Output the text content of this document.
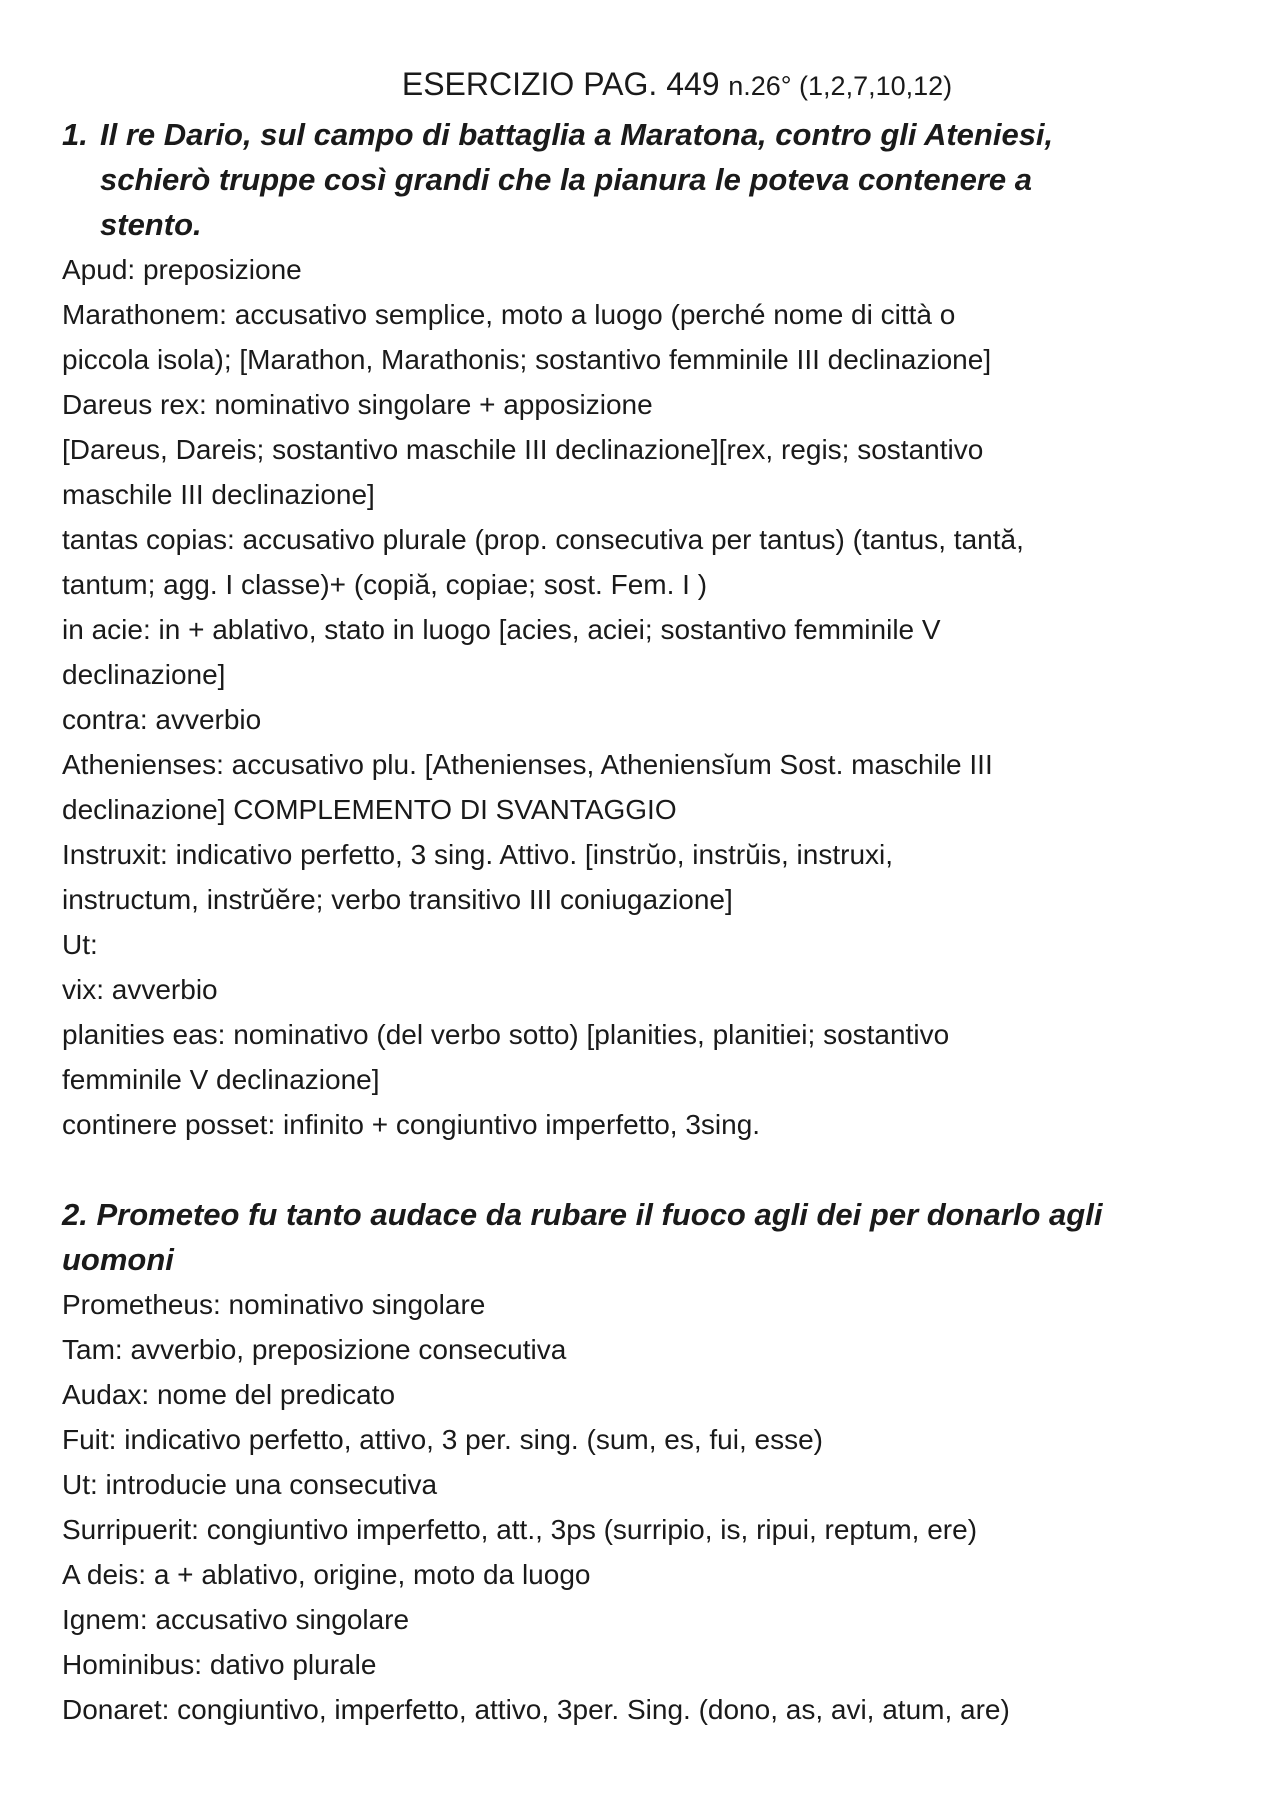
ESERCIZIO PAG. 449 n.26° (1,2,7,10,12)

1. Il re Dario, sul campo di battaglia a Maratona, contro gli Ateniesi,
schierò truppe così grandi che la pianura le poteva contenere a
stento.

Apud: preposizione

Marathonem: accusativo semplice, moto a luogo (perché nome di città o

piccola isola); [Marathon, Marathonis; sostantivo femminile III declinazione]

Dareus rex: nominativo singolare + apposizione

[Dareus, Dareis; sostantivo maschile III declinazione][rex, regis; sostantivo

maschile III declinazione]

tantas copias: accusativo plurale (prop. consecutiva per tantus) (tantus, tantă,

tantum; agg. I classe)+ (copiă, copiae; sost. Fem. I )

in acie: in + ablativo, stato in luogo [acies, aciei; sostantivo femminile V

declinazione]

contra: avverbio

Athenienses: accusativo plu. [Athenienses, Atheniensĭum Sost. maschile III

declinazione] COMPLEMENTO DI SVANTAGGIO

Instruxit: indicativo perfetto, 3 sing. Attivo. [instrŭo, instrŭis, instruxi,

instructum, instrŭĕre; verbo transitivo III coniugazione]

Ut:

vix: avverbio

planities eas: nominativo (del verbo sotto) [planities, planitiei; sostantivo

femminile V declinazione]

continere posset: infinito + congiuntivo imperfetto, 3sing.

2. Prometeo fu tanto audace da rubare il fuoco agli dei per donarlo agli
uomoni

Prometheus: nominativo singolare

Tam: avverbio, preposizione consecutiva

Audax: nome del predicato

Fuit: indicativo perfetto, attivo, 3 per. sing. (sum, es, fui, esse)

Ut: introducie una consecutiva

Surripuerit: congiuntivo imperfetto, att., 3ps (surripio, is, ripui, reptum, ere)

A deis: a + ablativo, origine, moto da luogo

Ignem: accusativo singolare

Hominibus: dativo plurale

Donaret: congiuntivo, imperfetto, attivo, 3per. Sing. (dono, as, avi, atum, are)
